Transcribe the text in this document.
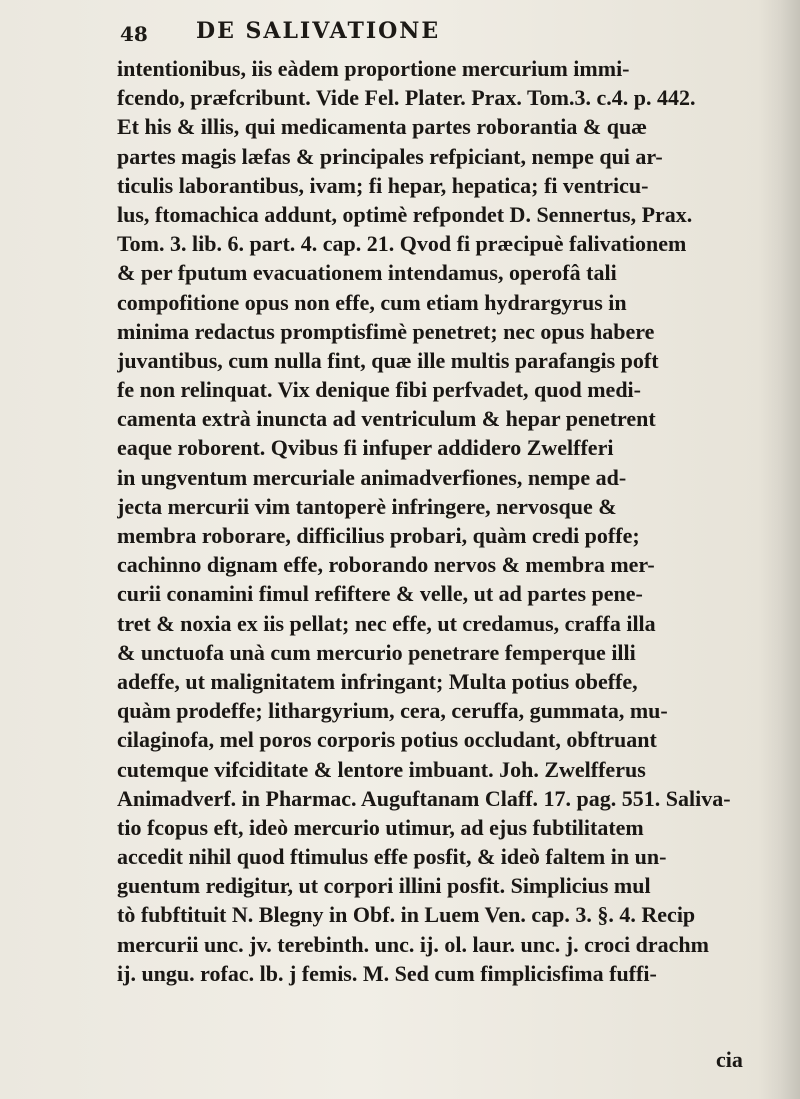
48 DE SALIVATIONE
intentionibus, iis eàdem proportione mercurium immi-
fcendo, præfcribunt. Vide Fel. Plater. Prax. Tom.3. c.4. p. 442.
Et his & illis, qui medicamenta partes roborantia & quæ
partes magis læfas & principales refpiciant, nempe qui ar-
ticulis laborantibus, ivam; fi hepar, hepatica; fi ventricu-
lus, ftomachica addunt, optimè refpondet D. Sennertus, Prax.
Tom. 3. lib. 6. part. 4. cap. 21. Qvod fi præcipuè falivationem
& per fputum evacuationem intendamus, operofâ tali
compofitione opus non effe, cum etiam hydrargyrus in
minima redactus promptisfimè penetret; nec opus habere
juvantibus, cum nulla fint, quæ ille multis parafangis poft
fe non relinquat. Vix denique fibi perfvadet, quod medi-
camenta extrà inuncta ad ventriculum & hepar penetrent
eaque roborent. Qvibus fi infuper addidero Zwelfferi
in ungventum mercuriale animadverfiones, nempe ad-
jecta mercurii vim tantoperè infringere, nervosque &
membra roborare, difficilius probari, quàm credi poffe;
cachinno dignam effe, roborando nervos & membra mer-
curii conamini fimul refiftere & velle, ut ad partes pene-
tret & noxia ex iis pellat; nec effe, ut credamus, craffa illa
& unctuofa unà cum mercurio penetrare femperque illi
adeffe, ut malignitatem infringant; Multa potius obeffe,
quàm prodeffe; lithargyrium, cera, ceruffa, gummata, mu-
cilaginofa, mel poros corporis potius occludant, obftruant
cutemque vifciditate & lentore imbuant. Joh. Zwelfferus
Animadverf. in Pharmac. Auguftanam Claff. 17. pag. 551. Saliva-
tio fcopus eft, ideò mercurio utimur, ad ejus fubtilitatem
accedit nihil quod ftimulus effe posfit, & ideò faltem in un-
guentum redigitur, ut corpori illini posfit. Simplicius mul
tò fubftituit N. Blegny in Obf. in Luem Ven. cap. 3. §. 4. Recip
mercurii unc. jv. terebinth. unc. ij. ol. laur. unc. j. croci drachm
ij. ungu. rofac. lb. j femis. M. Sed cum fimplicisfima fuffi-
cia
